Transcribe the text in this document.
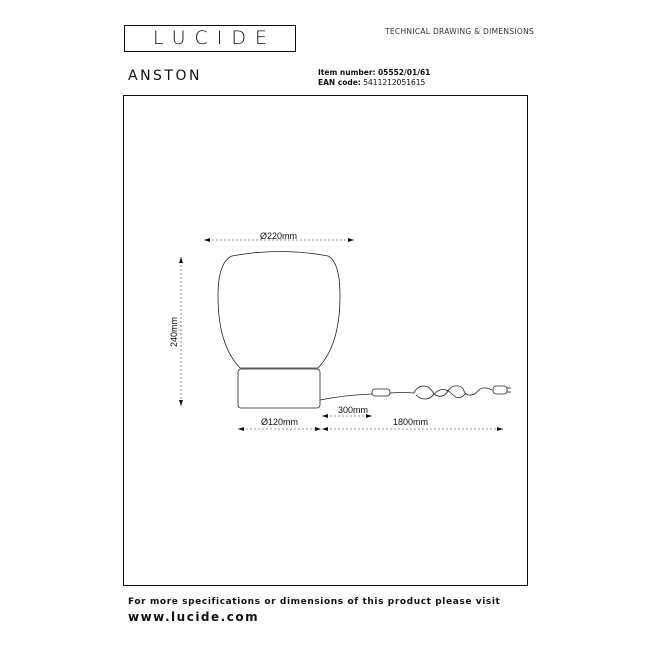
LUCIDE	TECHNICAL DRAWING & DIMENSIONS
ANSTON	Item number: 05552/01/61
EAN code: 5411212051615
Ø220mm
240mm
Ø120mm
300mm
1800mm
For more specifications or dimensions of this product please visit
www.lucide.com
